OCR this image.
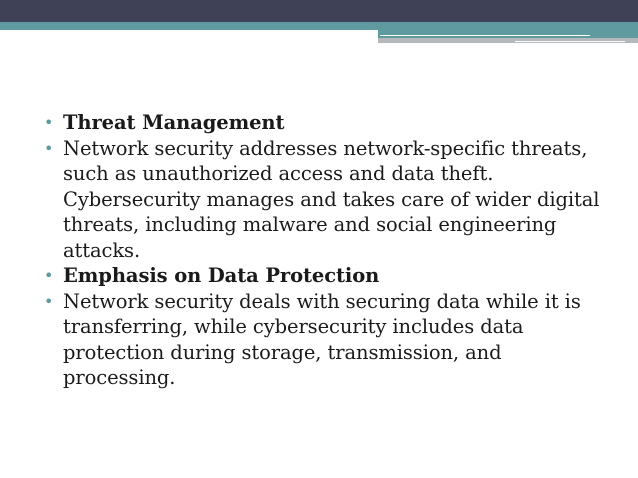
• Threat Management
• Network security addresses network-specific threats, such as unauthorized access and data theft. Cybersecurity manages and takes care of wider digital threats, including malware and social engineering attacks.
• Emphasis on Data Protection
• Network security deals with securing data while it is transferring, while cybersecurity includes data protection during storage, transmission, and processing.
